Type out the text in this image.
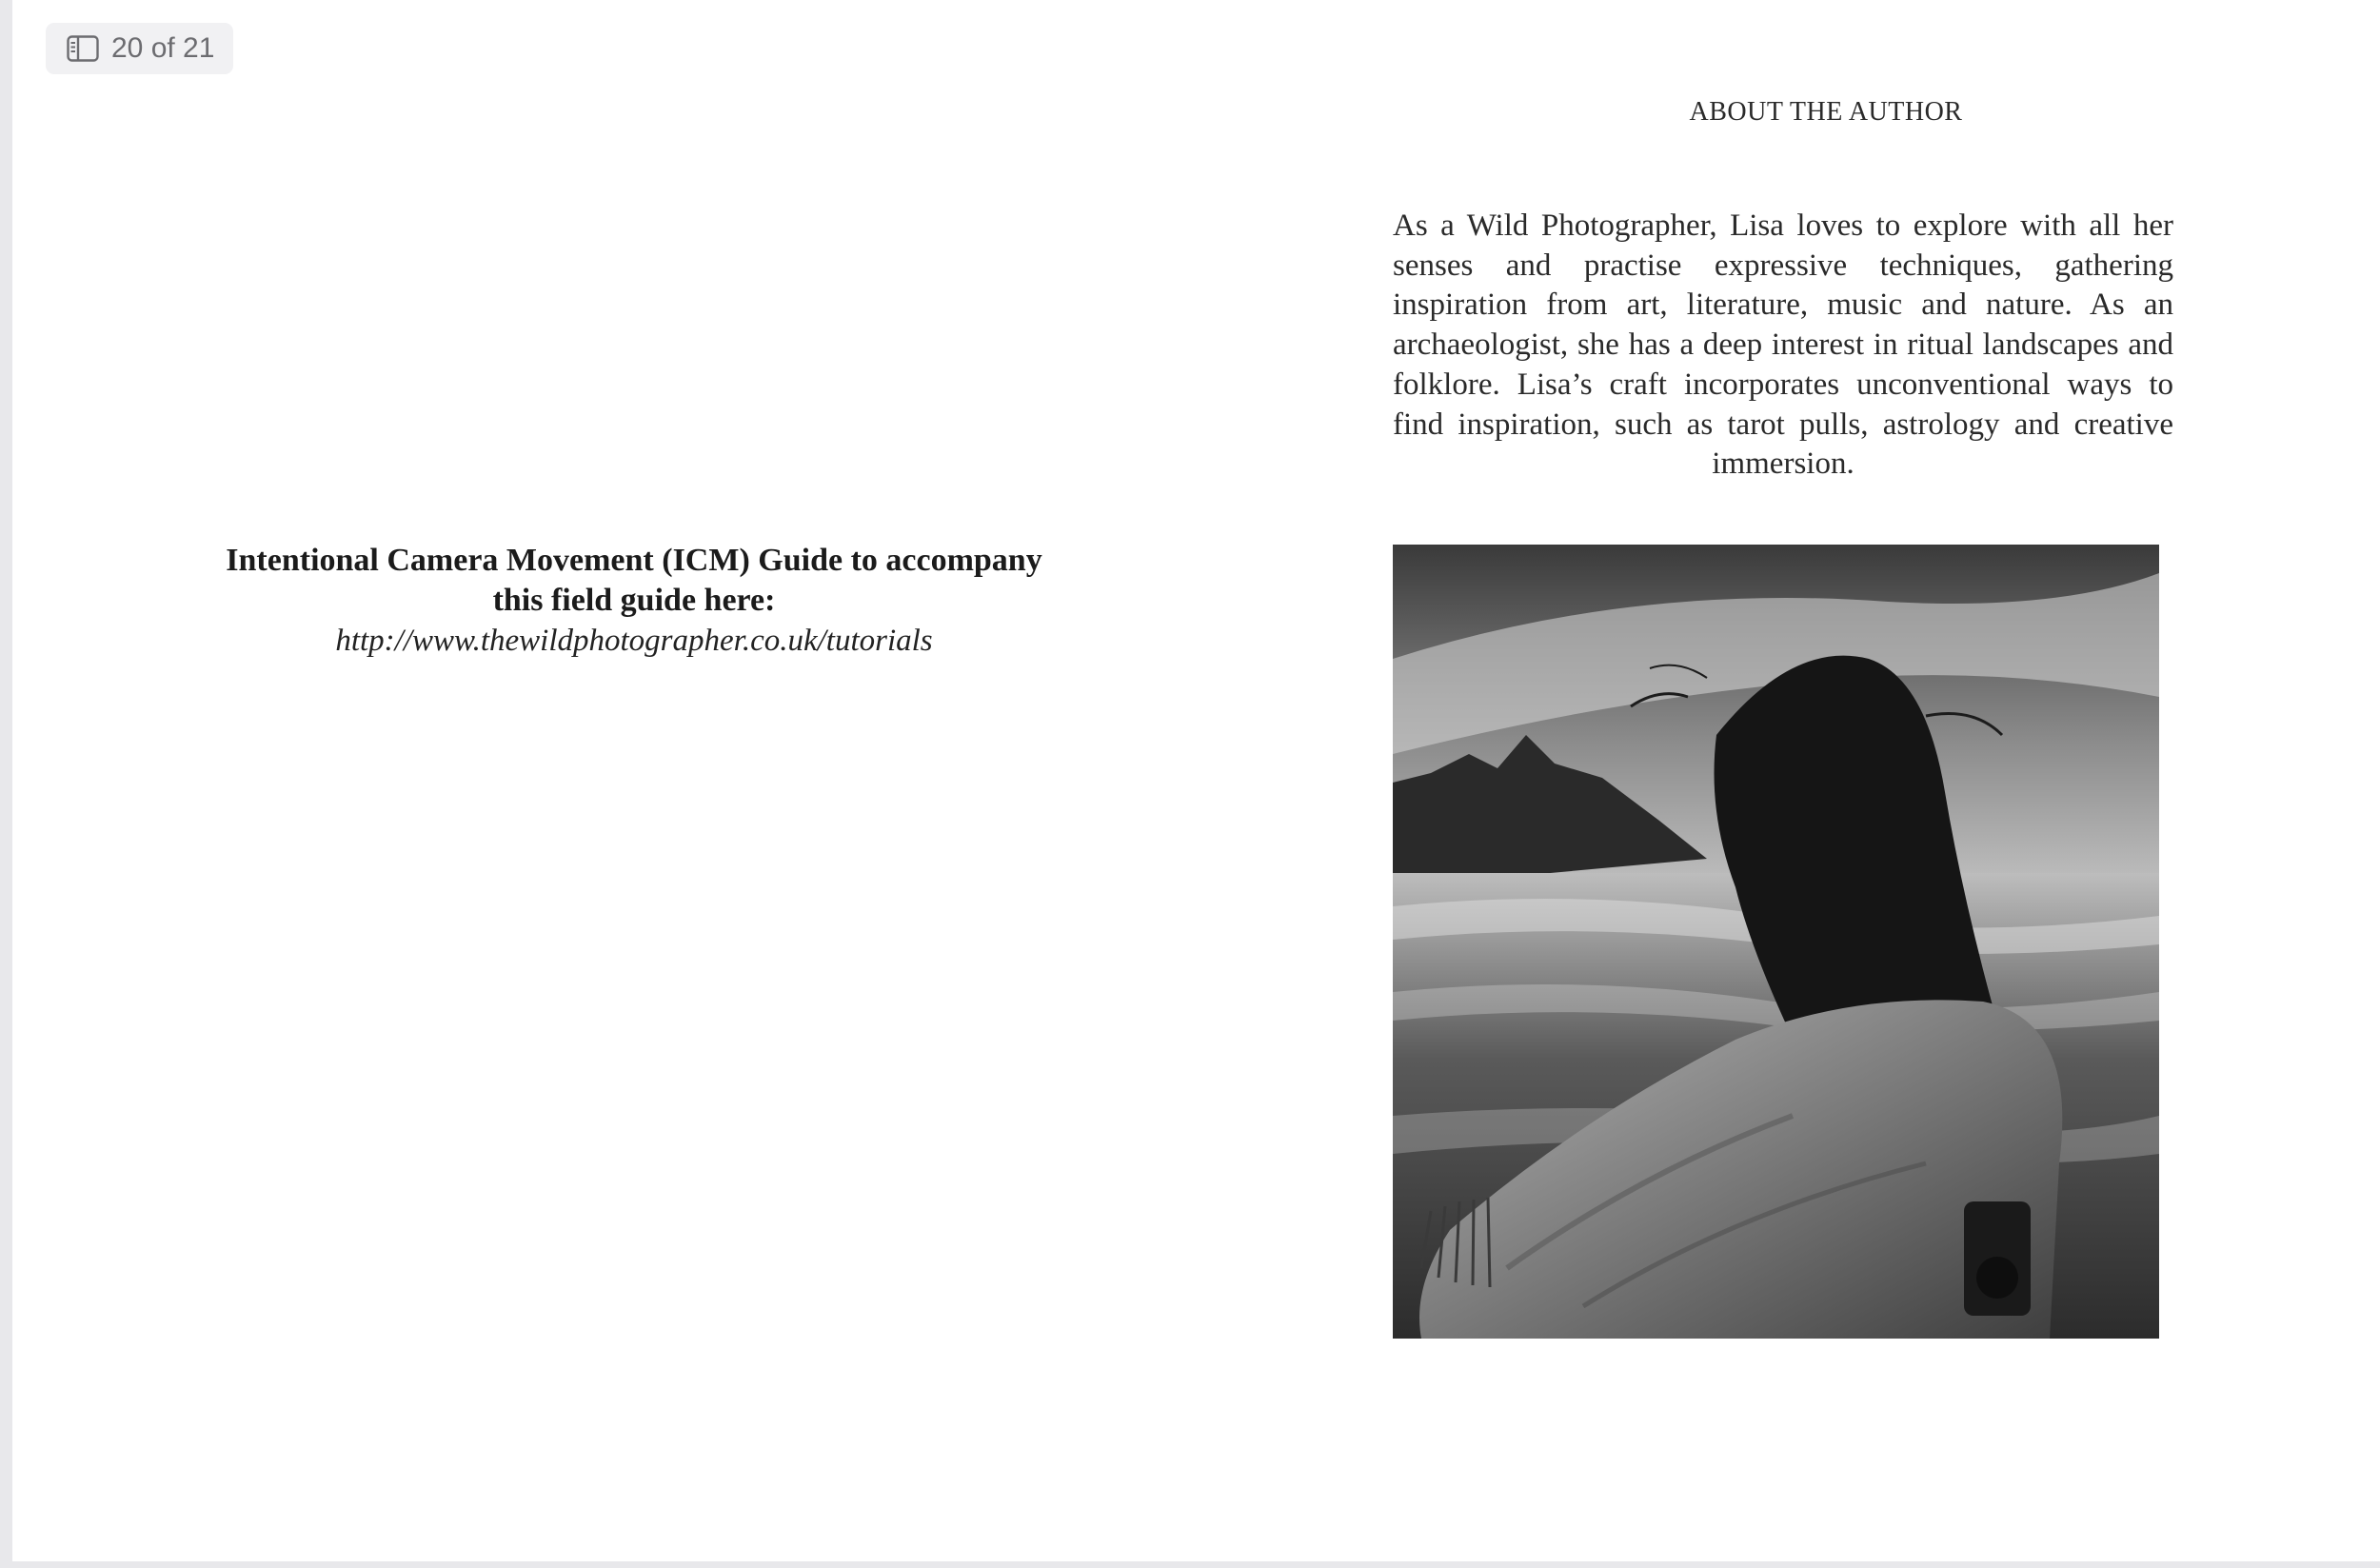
20 of 21

Intentional Camera Movement (ICM) Guide to accompany

this field guide here:

http://www.thewildphotographer.co.uk/tutorials

ABOUT THE AUTHOR

As a Wild Photographer, Lisa loves to explore with all her senses and practise expressive techniques, gathering inspiration from art, literature, music and nature. As an archaeologist, she has a deep interest in ritual landscapes and folklore. Lisa’s craft incorporates unconventional ways to find inspiration, such as tarot pulls, astrology and creative immersion.
